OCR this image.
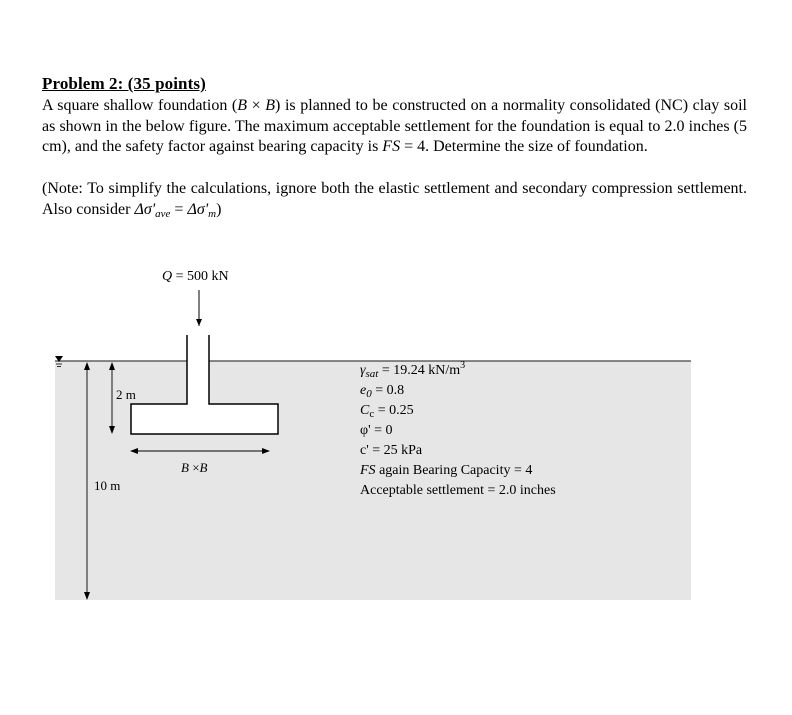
Problem 2: (35 points)
A square shallow foundation (B × B) is planned to be constructed on a normality consolidated (NC) clay soil as shown in the below figure. The maximum acceptable settlement for the foundation is equal to 2.0 inches (5 cm), and the safety factor against bearing capacity is FS = 4. Determine the size of foundation.
(Note: To simplify the calculations, ignore both the elastic settlement and secondary compression settlement. Also consider $\Delta\sigma'_{ave} = \Delta\sigma'_m$)
Q = 500 kN
2 m
10 m
B ×B
$\gamma_{sat} = 19.24$ $kN/m^3$
$e_0 = 0.8$
$C_c = 0.25$
φ' = 0
c' = 25 kPa
FS again Bearing Capacity = 4
Acceptable settlement = 2.0 inches
